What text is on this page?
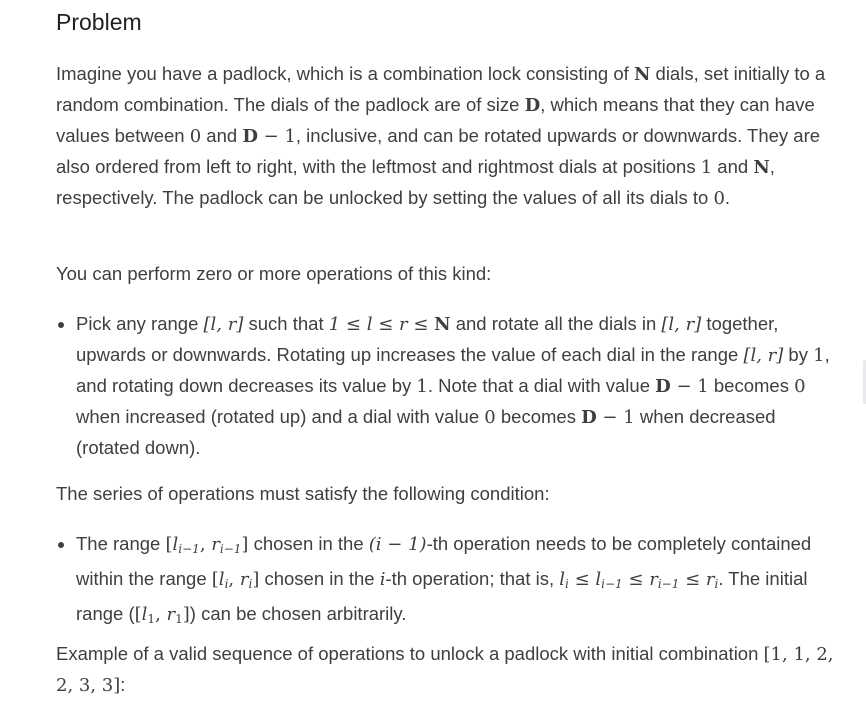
Problem

Imagine you have a padlock, which is a combination lock consisting of N dials, set initially to a random combination. The dials of the padlock are of size D, which means that they can have values between 0 and D − 1, inclusive, and can be rotated upwards or downwards. They are also ordered from left to right, with the leftmost and rightmost dials at positions 1 and N, respectively. The padlock can be unlocked by setting the values of all its dials to 0.

You can perform zero or more operations of this kind:

Pick any range [l, r] such that 1 ≤ l ≤ r ≤ N and rotate all the dials in [l, r] together, upwards or downwards. Rotating up increases the value of each dial in the range [l, r] by 1, and rotating down decreases its value by 1. Note that a dial with value D − 1 becomes 0 when increased (rotated up) and a dial with value 0 becomes D − 1 when decreased (rotated down).

The series of operations must satisfy the following condition:

The range [$l_{i-1}$, $r_{i-1}$] chosen in the (i − 1)-th operation needs to be completely contained within the range [$l_i$, $r_i$] chosen in the i-th operation; that is, $l_i \le l_{i-1} \le r_{i-1} \le r_i$. The initial range ([$l_1$, $r_1$]) can be chosen arbitrarily.

Example of a valid sequence of operations to unlock a padlock with initial combination [1, 1, 2, 2, 3, 3]:
